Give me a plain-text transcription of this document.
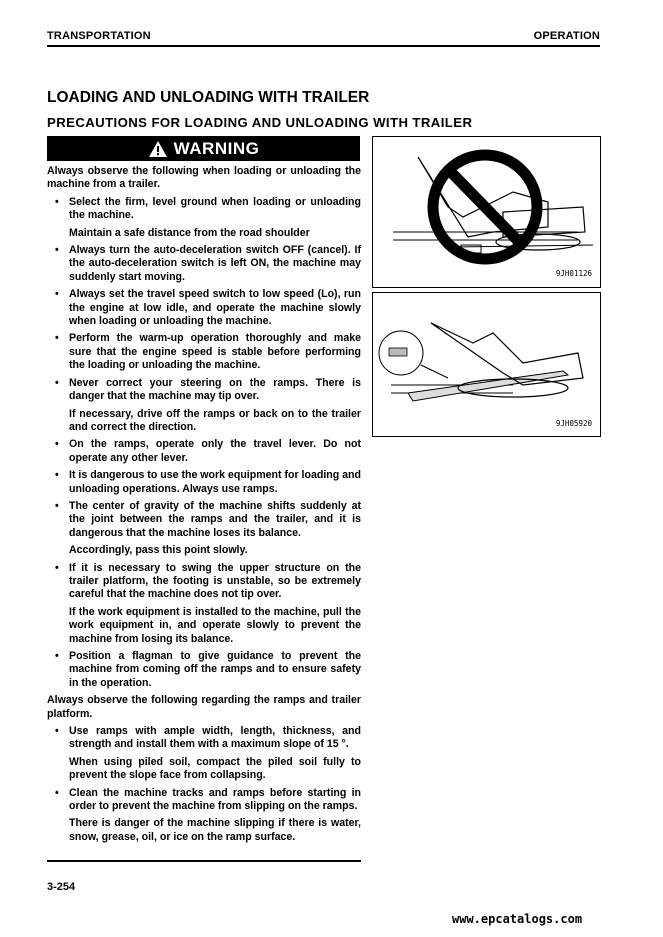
TRANSPORTATION	OPERATION
LOADING AND UNLOADING WITH TRAILER
PRECAUTIONS FOR LOADING AND UNLOADING WITH TRAILER
WARNING

Always observe the following when loading or unloading the machine from a trailer.

• Select the firm, level ground when loading or unloading the machine.
Maintain a safe distance from the road shoulder
• Always turn the auto-deceleration switch OFF (cancel). If the auto-deceleration switch is left ON, the machine may suddenly start moving.
• Always set the travel speed switch to low speed (Lo), run the engine at low idle, and operate the machine slowly when loading or unloading the machine.
• Perform the warm-up operation thoroughly and make sure that the engine speed is stable before performing the loading or unloading the machine.
• Never correct your steering on the ramps. There is danger that the machine may tip over.
If necessary, drive off the ramps or back on to the trailer and correct the direction.
• On the ramps, operate only the travel lever. Do not operate any other lever.
• It is dangerous to use the work equipment for loading and unloading operations. Always use ramps.
• The center of gravity of the machine shifts suddenly at the joint between the ramps and the trailer, and it is dangerous that the machine loses its balance.
Accordingly, pass this point slowly.
• If it is necessary to swing the upper structure on the trailer platform, the footing is unstable, so be extremely careful that the machine does not tip over.
If the work equipment is installed to the machine, pull the work equipment in, and operate slowly to prevent the machine from losing its balance.
• Position a flagman to give guidance to prevent the machine from coming off the ramps and to ensure safety in the operation.

Always observe the following regarding the ramps and trailer platform.

• Use ramps with ample width, length, thickness, and strength and install them with a maximum slope of 15 °.
When using piled soil, compact the piled soil fully to prevent the slope face from collapsing.
• Clean the machine tracks and ramps before starting in order to prevent the machine from slipping on the ramps.
There is danger of the machine slipping if there is water, snow, grease, oil, or ice on the ramp surface.
9JH01126
9JH05920
3-254
www.epcatalogs.com
